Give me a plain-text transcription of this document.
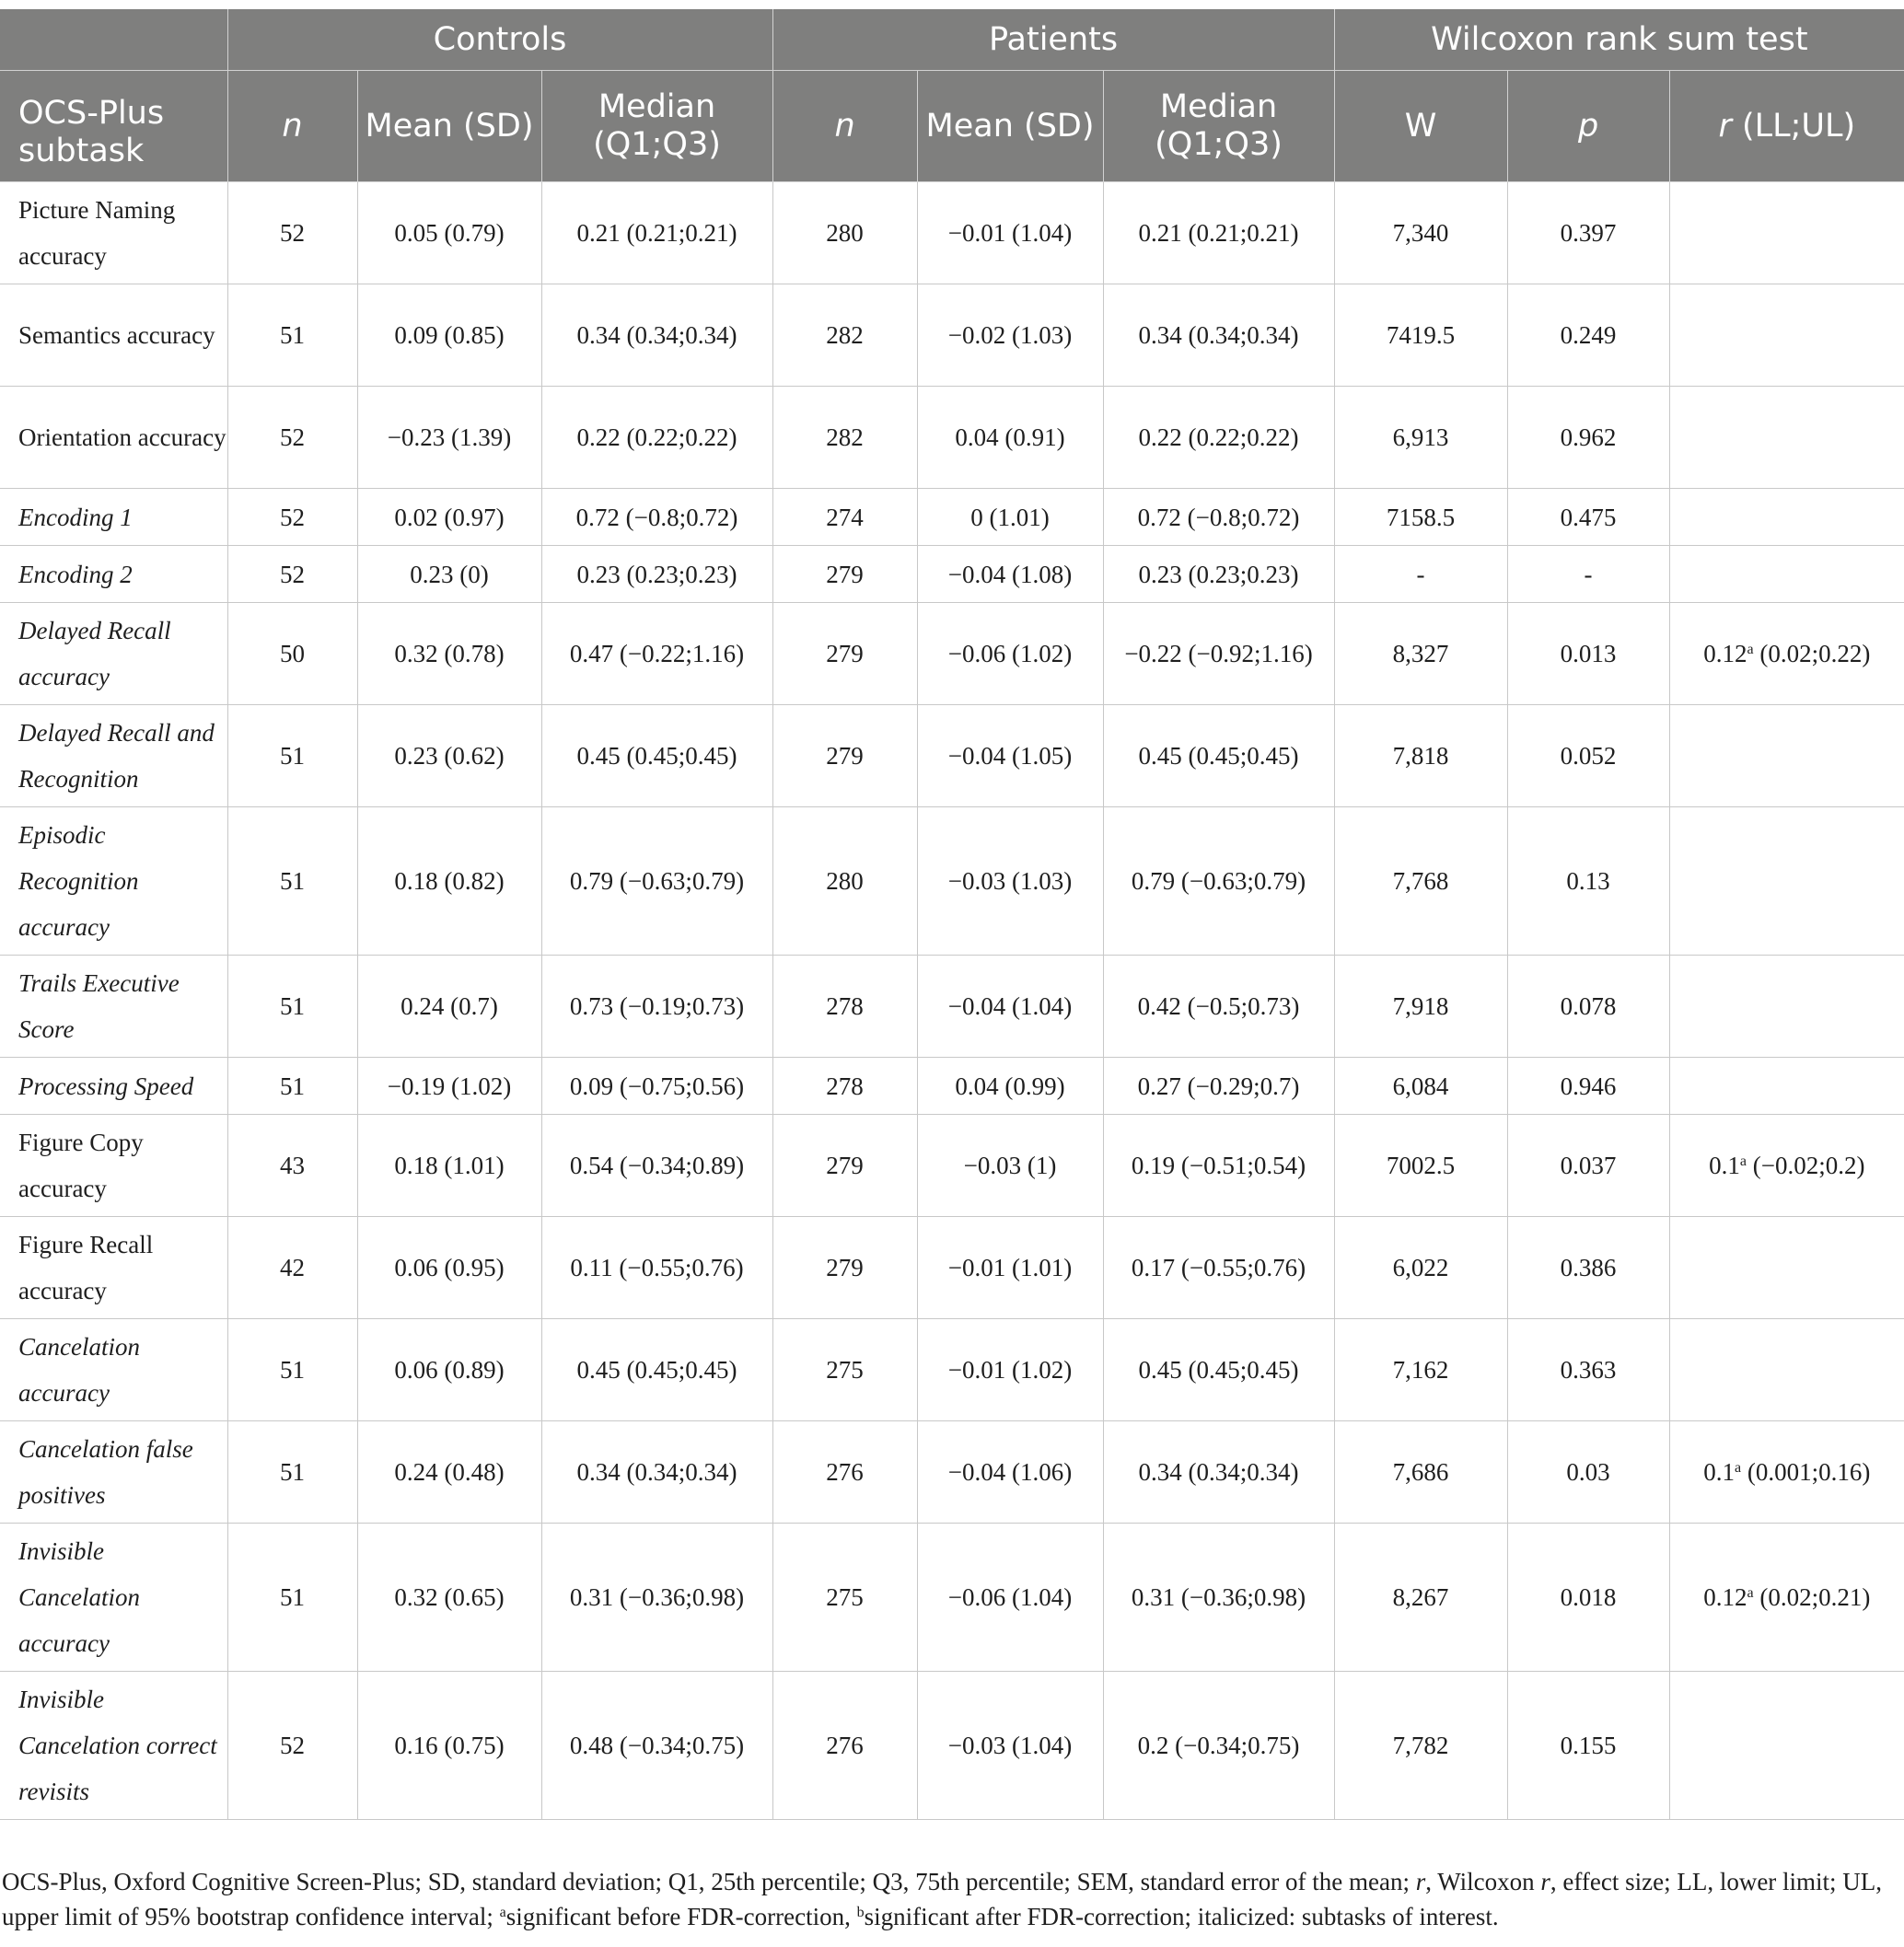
	Controls			Patients			Wilcoxon rank sum test		
OCS-Plus subtask	n	Mean (SD)	Median (Q1;Q3)	n	Mean (SD)	Median (Q1;Q3)	W	p	r (LL;UL)
Picture Naming accuracy	52	0.05 (0.79)	0.21 (0.21;0.21)	280	−0.01 (1.04)	0.21 (0.21;0.21)	7,340	0.397	
Semantics accuracy	51	0.09 (0.85)	0.34 (0.34;0.34)	282	−0.02 (1.03)	0.34 (0.34;0.34)	7419.5	0.249	
Orientation accuracy	52	−0.23 (1.39)	0.22 (0.22;0.22)	282	0.04 (0.91)	0.22 (0.22;0.22)	6,913	0.962	
Encoding 1	52	0.02 (0.97)	0.72 (−0.8;0.72)	274	0 (1.01)	0.72 (−0.8;0.72)	7158.5	0.475	
Encoding 2	52	0.23 (0)	0.23 (0.23;0.23)	279	−0.04 (1.08)	0.23 (0.23;0.23)	-	-	
Delayed Recall accuracy	50	0.32 (0.78)	0.47 (−0.22;1.16)	279	−0.06 (1.02)	−0.22 (−0.92;1.16)	8,327	0.013	0.12$^a$ (0.02;0.22)
Delayed Recall and Recognition	51	0.23 (0.62)	0.45 (0.45;0.45)	279	−0.04 (1.05)	0.45 (0.45;0.45)	7,818	0.052	
Episodic Recognition accuracy	51	0.18 (0.82)	0.79 (−0.63;0.79)	280	−0.03 (1.03)	0.79 (−0.63;0.79)	7,768	0.13	
Trails Executive Score	51	0.24 (0.7)	0.73 (−0.19;0.73)	278	−0.04 (1.04)	0.42 (−0.5;0.73)	7,918	0.078	
Processing Speed	51	−0.19 (1.02)	0.09 (−0.75;0.56)	278	0.04 (0.99)	0.27 (−0.29;0.7)	6,084	0.946	
Figure Copy accuracy	43	0.18 (1.01)	0.54 (−0.34;0.89)	279	−0.03 (1)	0.19 (−0.51;0.54)	7002.5	0.037	0.1$^a$ (−0.02;0.2)
Figure Recall accuracy	42	0.06 (0.95)	0.11 (−0.55;0.76)	279	−0.01 (1.01)	0.17 (−0.55;0.76)	6,022	0.386	
Cancelation accuracy	51	0.06 (0.89)	0.45 (0.45;0.45)	275	−0.01 (1.02)	0.45 (0.45;0.45)	7,162	0.363	
Cancelation false positives	51	0.24 (0.48)	0.34 (0.34;0.34)	276	−0.04 (1.06)	0.34 (0.34;0.34)	7,686	0.03	0.1$^a$ (0.001;0.16)
Invisible Cancelation accuracy	51	0.32 (0.65)	0.31 (−0.36;0.98)	275	−0.06 (1.04)	0.31 (−0.36;0.98)	8,267	0.018	0.12$^a$ (0.02;0.21)
Invisible Cancelation correct revisits	52	0.16 (0.75)	0.48 (−0.34;0.75)	276	−0.03 (1.04)	0.2 (−0.34;0.75)	7,782	0.155	
OCS-Plus, Oxford Cognitive Screen-Plus; SD, standard deviation; Q1, 25th percentile; Q3, 75th percentile; SEM, standard error of the mean; r, Wilcoxon r, effect size; LL, lower limit; UL, upper limit of 95% bootstrap confidence interval; $^a$significant before FDR-correction, $^b$significant after FDR-correction; italicized: subtasks of interest.
